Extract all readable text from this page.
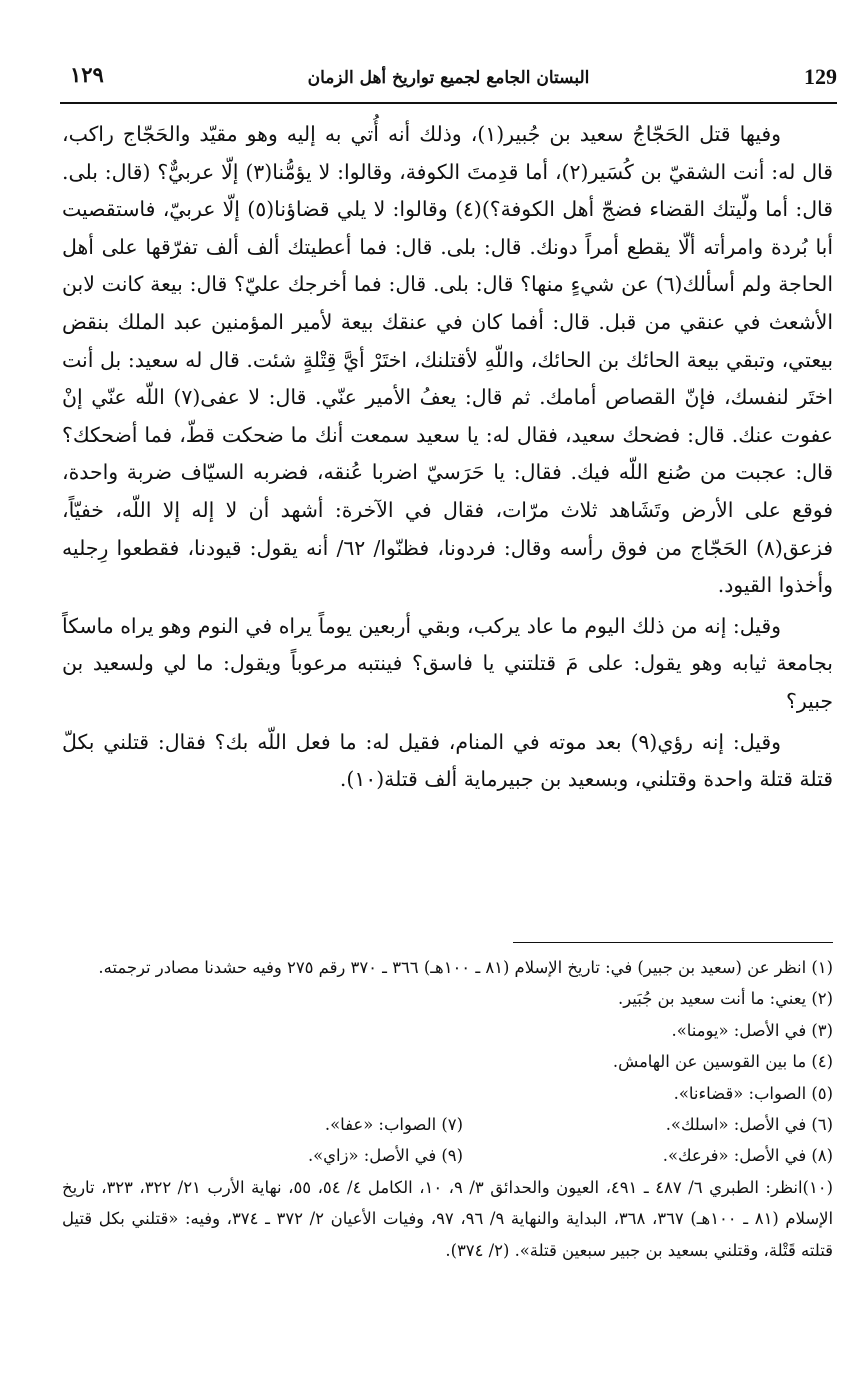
١٢٩	البستان الجامع لجميع تواريخ أهل الزمان	129

وفيها قتل الحَجّاجُ سعيد بن جُبير(١)، وذلك أنه أُتي به إليه وهو مقيّد والحَجّاج راكب، قال له: أنت الشقيّ بن كُسَير(٢)، أما قدِمتَ الكوفة، وقالوا: لا يؤمُّنا(٣) إلّا عربيٌّ؟ (قال: بلى. قال: أما ولّيتك القضاء فضجّ أهل الكوفة؟)(٤) وقالوا: لا يلي قضاؤنا(٥) إلّا عربيّ، فاستقصيت أبا بُردة وامرأته ألّا يقطع أمراً دونك. قال: بلى. قال: فما أعطيتك ألف ألف تفرّقها على أهل الحاجة ولم أسألك(٦) عن شيءٍ منها؟ قال: بلى. قال: فما أخرجك عليّ؟ قال: بيعة كانت لابن الأشعث في عنقي من قبل. قال: أفما كان في عنقك بيعة لأمير المؤمنين عبد الملك بنقض بيعتي، وتبقي بيعة الحائك بن الحائك، واللّهِ لأقتلنك، اختَرْ أيَّ قِتْلةٍ شئت. قال له سعيد: بل أنت اختَر لنفسك، فإنّ القصاص أمامك. ثم قال: يعفُ الأمير عنّي. قال: لا عفى(٧) اللّه عنّي إنْ عفوت عنك. قال: فضحك سعيد، فقال له: يا سعيد سمعت أنك ما ضحكت قطّ، فما أضحكك؟ قال: عجبت من صُنع اللّه فيك. فقال: يا حَرَسيّ اضربا عُنقه، فضربه السيّاف ضربة واحدة، فوقع على الأرض وتَشَاهد ثلاث مرّات، فقال في الآخرة: أشهد أن لا إله إلا اللّه، خفيّاً، فزعق(٨) الحَجّاج من فوق رأسه وقال: فردونا، فظنّوا/ ٦٢/ أنه يقول: قيودنا، فقطعوا رِجليه وأخذوا القيود.

وقيل: إنه من ذلك اليوم ما عاد يركب، وبقي أربعين يوماً يراه في النوم وهو يراه ماسكاً بجامعة ثيابه وهو يقول: على مَ قتلتني يا فاسق؟ فينتبه مرعوباً ويقول: ما لي ولسعيد بن جبير؟

وقيل: إنه رؤي(٩) بعد موته في المنام، فقيل له: ما فعل اللّه بك؟ فقال: قتلني بكلّ قتلة قتلة واحدة وقتلني، وبسعيد بن جبيرماية ألف قتلة(١٠).

(١) انظر عن (سعيد بن جبير) في: تاريخ الإسلام (٨١ ـ ١٠٠هـ) ٣٦٦ ـ ٣٧٠ رقم ٢٧٥ وفيه حشدنا مصادر ترجمته.

(٢) يعني: ما أنت سعيد بن جُبَير.

(٣) في الأصل: «يومنا».

(٤) ما بين القوسين عن الهامش.

(٥) الصواب: «قضاءنا».

(٦) في الأصل: «اسلك».
(٧) الصواب: «عفا».
(٨) في الأصل: «فرعك».
(٩) في الأصل: «زاي».

(١٠)انظر: الطبري ٦/ ٤٨٧ ـ ٤٩١، العيون والحدائق ٣/ ٩، ١٠، الكامل ٤/ ٥٤، ٥٥، نهاية الأرب ٢١/ ٣٢٢، ٣٢٣، تاريخ الإسلام (٨١ ـ ١٠٠هـ) ٣٦٧، ٣٦٨، البداية والنهاية ٩/ ٩٦، ٩٧، وفيات الأعيان ٢/ ٣٧٢ ـ ٣٧٤، وفيه: «قتلني بكل قتيل قتلته قَتْلة، وقتلني بسعيد بن جبير سبعين قتلة». (٢/ ٣٧٤).
